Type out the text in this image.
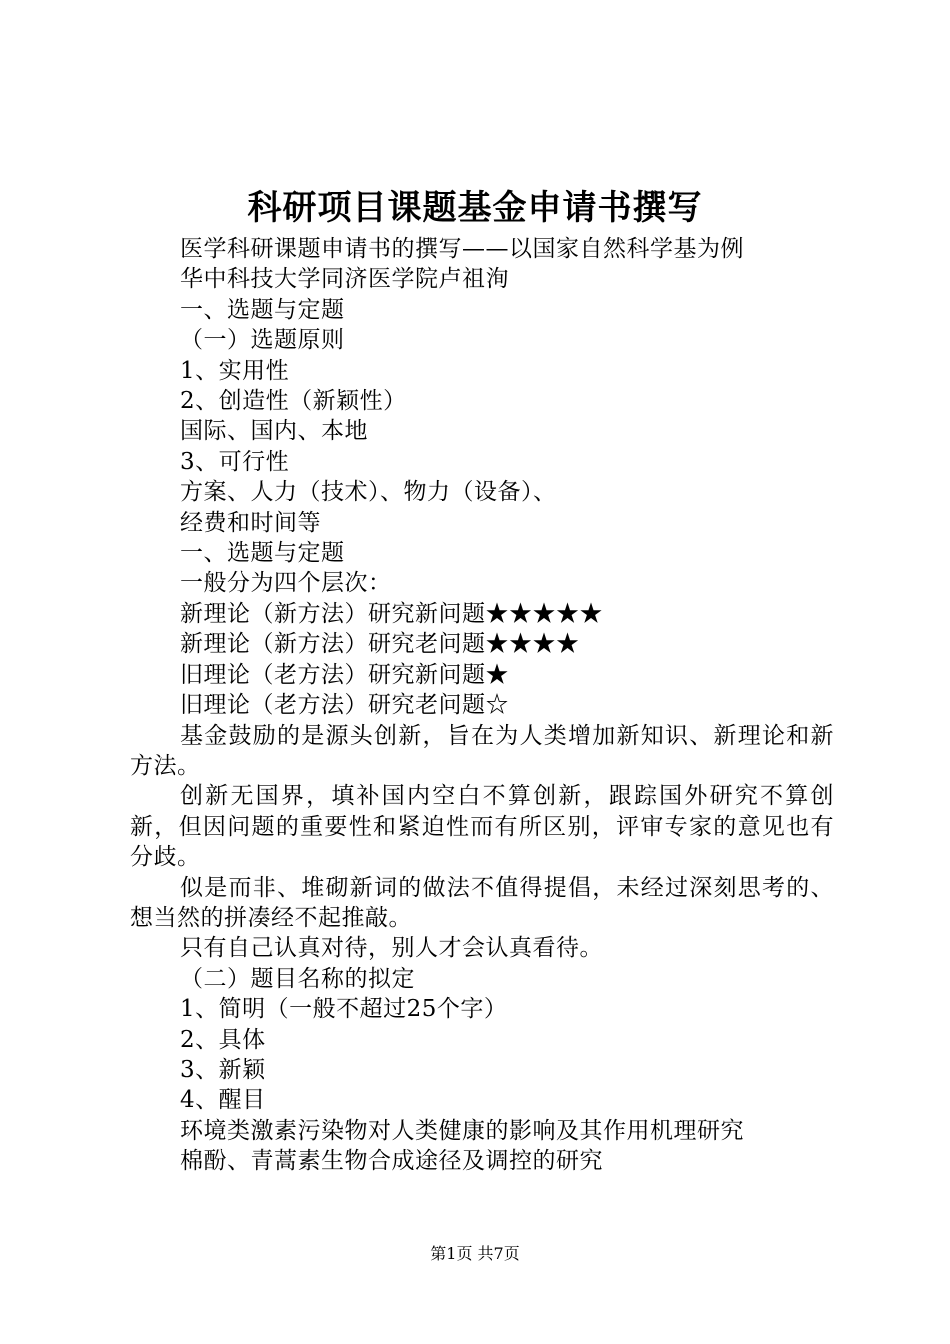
科研项目课题基金申请书撰写

医学科研课题申请书的撰写——以国家自然科学基为例

华中科技大学同济医学院卢祖洵

一、选题与定题

（一）选题原则

1、实用性

2、创造性（新颖性）

国际、国内、本地

3、可行性

方案、人力（技术）、物力（设备）、

经费和时间等

一、选题与定题

一般分为四个层次：

新理论（新方法）研究新问题★★★★★

新理论（新方法）研究老问题★★★★

旧理论（老方法）研究新问题★

旧理论（老方法）研究老问题☆

基金鼓励的是源头创新，旨在为人类增加新知识、新理论和新方法。

创新无国界，填补国内空白不算创新，跟踪国外研究不算创新，但因问题的重要性和紧迫性而有所区别，评审专家的意见也有分歧。

似是而非、堆砌新词的做法不值得提倡，未经过深刻思考的、想当然的拼凑经不起推敲。

只有自己认真对待，别人才会认真看待。

（二）题目名称的拟定

1、简明（一般不超过25个字）

2、具体

3、新颖

4、醒目

环境类激素污染物对人类健康的影响及其作用机理研究

棉酚、青蒿素生物合成途径及调控的研究

第1页 共7页
